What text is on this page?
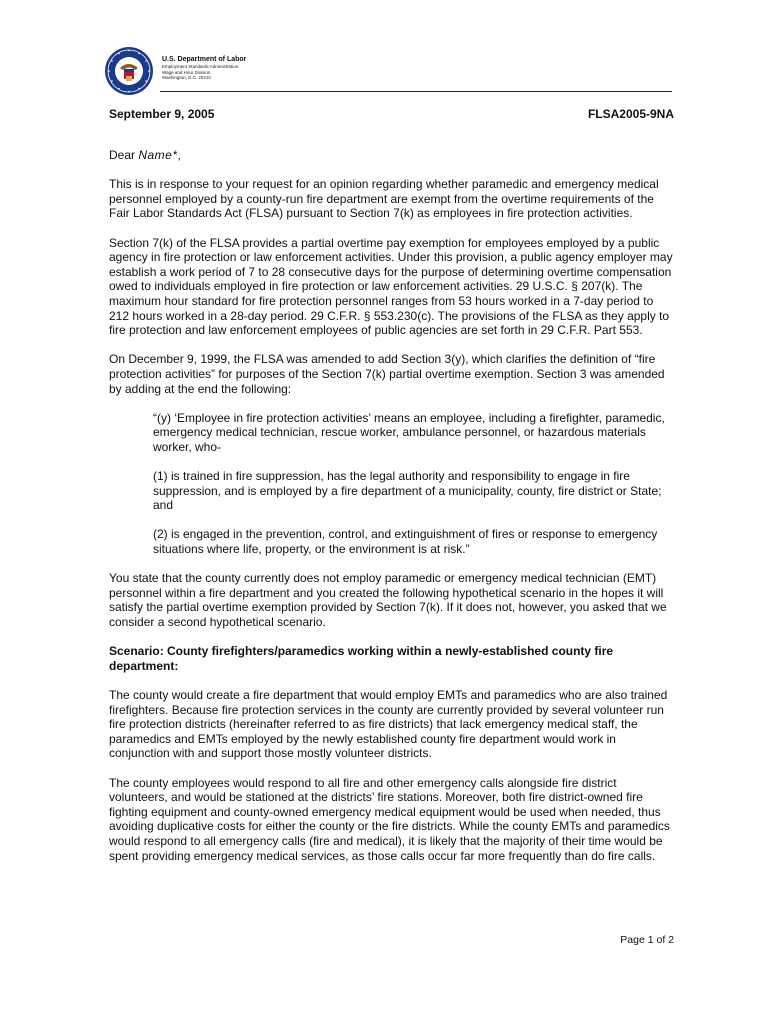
U.S. Department of Labor
Employment Standards Administration
Wage and Hour Division
Washington, D.C. 20210
September 9, 2005	FLSA2005-9NA

Dear Name*,

This is in response to your request for an opinion regarding whether paramedic and emergency medical personnel employed by a county-run fire department are exempt from the overtime requirements of the Fair Labor Standards Act (FLSA) pursuant to Section 7(k) as employees in fire protection activities.

Section 7(k) of the FLSA provides a partial overtime pay exemption for employees employed by a public agency in fire protection or law enforcement activities. Under this provision, a public agency employer may establish a work period of 7 to 28 consecutive days for the purpose of determining overtime compensation owed to individuals employed in fire protection or law enforcement activities. 29 U.S.C. § 207(k). The maximum hour standard for fire protection personnel ranges from 53 hours worked in a 7-day period to 212 hours worked in a 28-day period. 29 C.F.R. § 553.230(c). The provisions of the FLSA as they apply to fire protection and law enforcement employees of public agencies are set forth in 29 C.F.R. Part 553.

On December 9, 1999, the FLSA was amended to add Section 3(y), which clarifies the definition of “fire protection activities” for purposes of the Section 7(k) partial overtime exemption. Section 3 was amended by adding at the end the following:

“(y) ‘Employee in fire protection activities’ means an employee, including a firefighter, paramedic, emergency medical technician, rescue worker, ambulance personnel, or hazardous materials worker, who-

(1) is trained in fire suppression, has the legal authority and responsibility to engage in fire suppression, and is employed by a fire department of a municipality, county, fire district or State; and

(2) is engaged in the prevention, control, and extinguishment of fires or response to emergency situations where life, property, or the environment is at risk.”

You state that the county currently does not employ paramedic or emergency medical technician (EMT) personnel within a fire department and you created the following hypothetical scenario in the hopes it will satisfy the partial overtime exemption provided by Section 7(k). If it does not, however, you asked that we consider a second hypothetical scenario.

Scenario: County firefighters/paramedics working within a newly-established county fire department:

The county would create a fire department that would employ EMTs and paramedics who are also trained firefighters. Because fire protection services in the county are currently provided by several volunteer run fire protection districts (hereinafter referred to as fire districts) that lack emergency medical staff, the paramedics and EMTs employed by the newly established county fire department would work in conjunction with and support those mostly volunteer districts.

The county employees would respond to all fire and other emergency calls alongside fire district volunteers, and would be stationed at the districts’ fire stations. Moreover, both fire district-owned fire fighting equipment and county-owned emergency medical equipment would be used when needed, thus avoiding duplicative costs for either the county or the fire districts. While the county EMTs and paramedics would respond to all emergency calls (fire and medical), it is likely that the majority of their time would be spent providing emergency medical services, as those calls occur far more frequently than do fire calls.

Page 1 of 2
